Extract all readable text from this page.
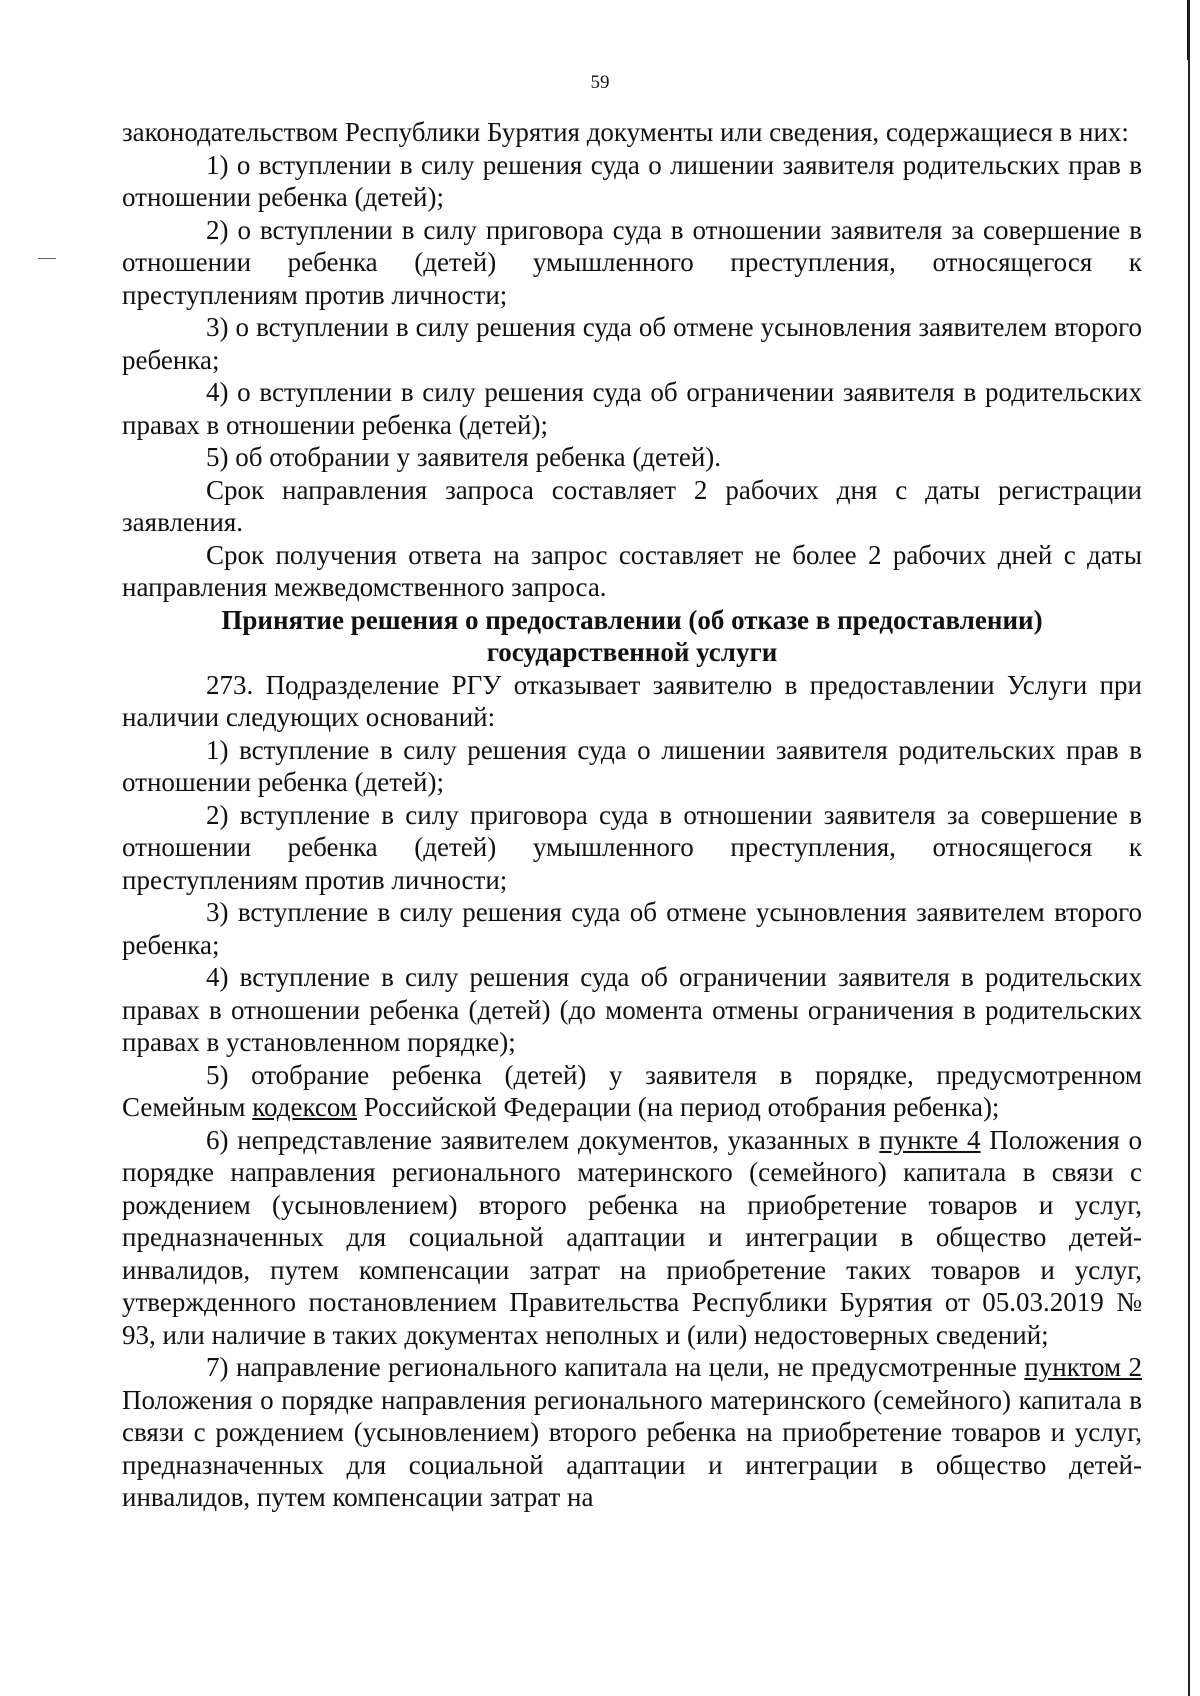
59

законодательством Республики Бурятия документы или сведения, содержащиеся в них:

1) о вступлении в силу решения суда о лишении заявителя родительских прав в отношении ребенка (детей);

2) о вступлении в силу приговора суда в отношении заявителя за совершение в отношении ребенка (детей) умышленного преступления, относящегося к преступлениям против личности;

3) о вступлении в силу решения суда об отмене усыновления заявителем второго ребенка;

4) о вступлении в силу решения суда об ограничении заявителя в родительских правах в отношении ребенка (детей);

5) об отобрании у заявителя ребенка (детей).

Срок направления запроса составляет 2 рабочих дня с даты регистрации заявления.

Срок получения ответа на запрос составляет не более 2 рабочих дней с даты направления межведомственного запроса.

Принятие решения о предоставлении (об отказе в предоставлении)

государственной услуги

273. Подразделение РГУ отказывает заявителю в предоставлении Услуги при наличии следующих оснований:

1) вступление в силу решения суда о лишении заявителя родительских прав в отношении ребенка (детей);

2) вступление в силу приговора суда в отношении заявителя за совершение в отношении ребенка (детей) умышленного преступления, относящегося к преступлениям против личности;

3) вступление в силу решения суда об отмене усыновления заявителем второго ребенка;

4) вступление в силу решения суда об ограничении заявителя в родительских правах в отношении ребенка (детей) (до момента отмены ограничения в родительских правах в установленном порядке);

5) отобрание ребенка (детей) у заявителя в порядке, предусмотренном Семейным кодексом Российской Федерации (на период отобрания ребенка);

6) непредставление заявителем документов, указанных в пункте 4 Положения о порядке направления регионального материнского (семейного) капитала в связи с рождением (усыновлением) второго ребенка на приобретение товаров и услуг, предназначенных для социальной адаптации и интеграции в общество детей-инвалидов, путем компенсации затрат на приобретение таких товаров и услуг, утвержденного постановлением Правительства Республики Бурятия от 05.03.2019 № 93, или наличие в таких документах неполных и (или) недостоверных сведений;

7) направление регионального капитала на цели, не предусмотренные пунктом 2 Положения о порядке направления регионального материнского (семейного) капитала в связи с рождением (усыновлением) второго ребенка на приобретение товаров и услуг, предназначенных для социальной адаптации и интеграции в общество детей-инвалидов, путем компенсации затрат на
